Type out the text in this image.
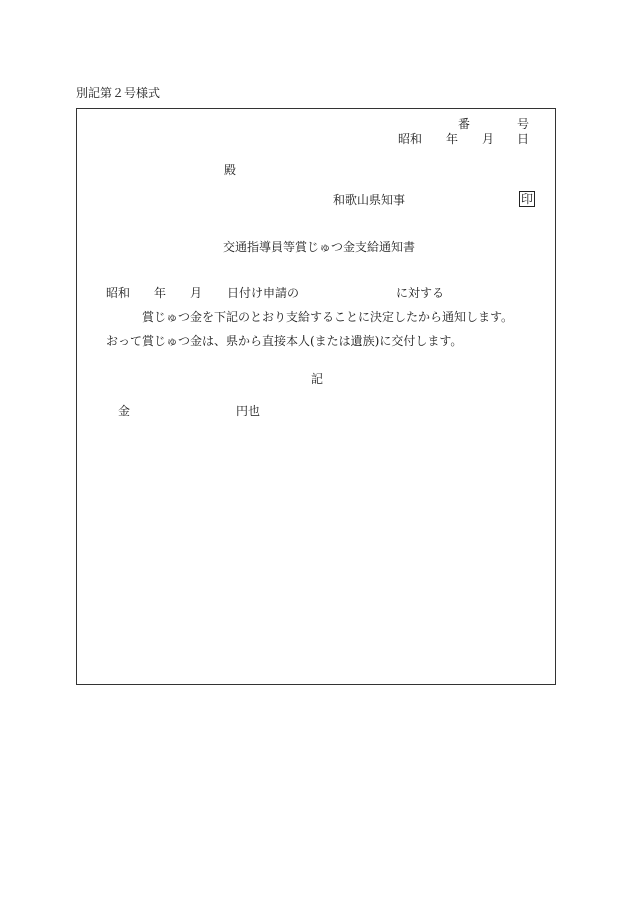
別記第２号様式
番	号
昭和 年 月 日
殿
和歌山県知事	印
交通指導員等賞じゅつ金支給通知書
昭和 年 月 日付け申請の	に対する
賞じゅつ金を下記のとおり支給することに決定したから通知します。
おって賞じゅつ金は、県から直接本人(または遺族)に交付します。
記
金	円也
